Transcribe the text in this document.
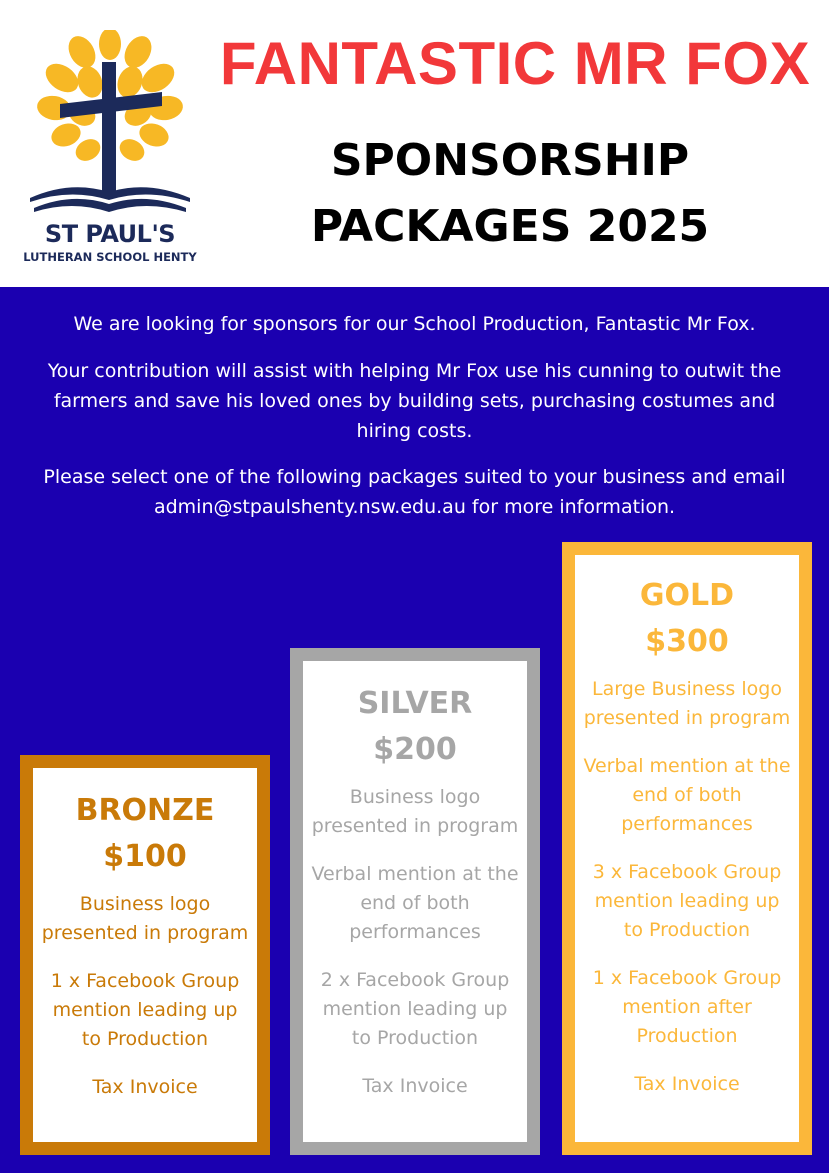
ST PAUL'S
LUTHERAN SCHOOL HENTY
FANTASTIC MR FOX
SPONSORSHIP
PACKAGES 2025
We are looking for sponsors for our School Production, Fantastic Mr Fox.
Your contribution will assist with helping Mr Fox use his cunning to outwit the farmers and save his loved ones by building sets, purchasing costumes and hiring costs.
Please select one of the following packages suited to your business and email admin@stpaulshenty.nsw.edu.au for more information.
BRONZE
$100
Business logo presented in program
1 x Facebook Group mention leading up to Production
Tax Invoice
SILVER
$200
Business logo presented in program
Verbal mention at the end of both performances
2 x Facebook Group mention leading up to Production
Tax Invoice
GOLD
$300
Large Business logo presented in program
Verbal mention at the end of both performances
3 x Facebook Group mention leading up to Production
1 x Facebook Group mention after Production
Tax Invoice
